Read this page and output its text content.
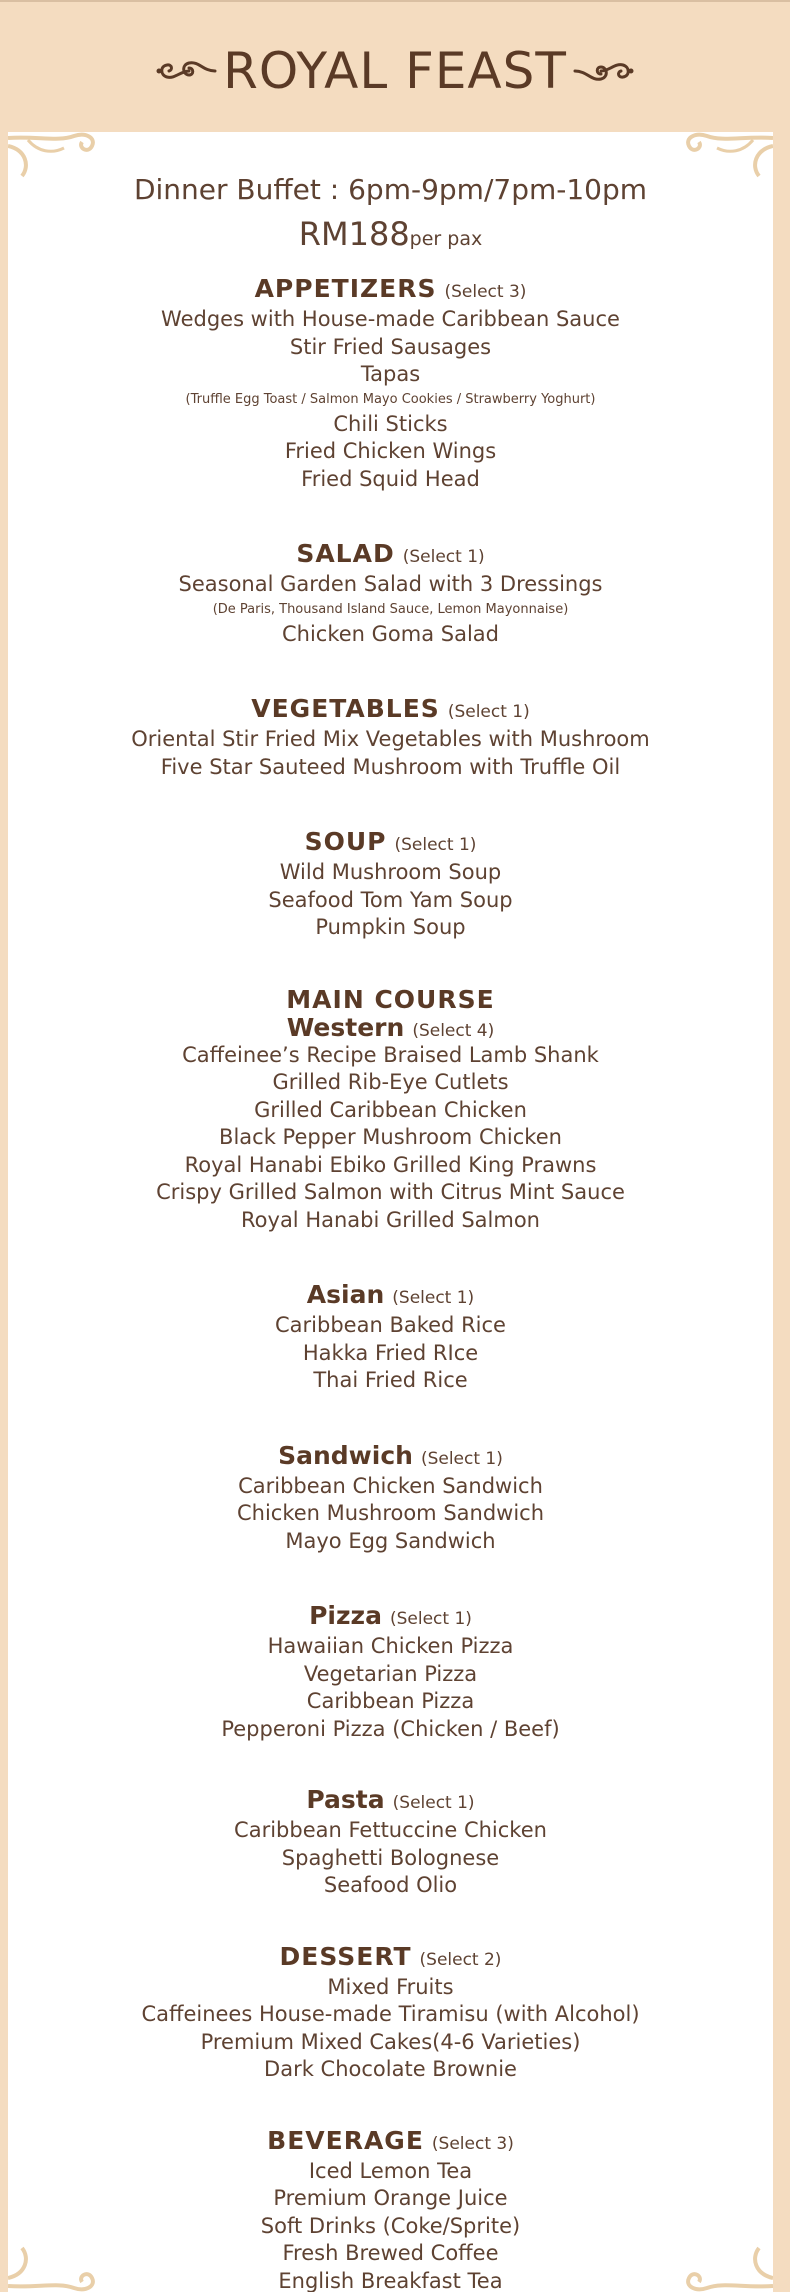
ROYAL FEAST
Dinner Buffet : 6pm-9pm/7pm-10pm
RM188per pax
APPETIZERS (Select 3)
Wedges with House-made Caribbean Sauce
Stir Fried Sausages
Tapas
(Truffle Egg Toast / Salmon Mayo Cookies / Strawberry Yoghurt)
Chili Sticks
Fried Chicken Wings
Fried Squid Head
SALAD (Select 1)
Seasonal Garden Salad with 3 Dressings
(De Paris, Thousand Island Sauce, Lemon Mayonnaise)
Chicken Goma Salad
VEGETABLES (Select 1)
Oriental Stir Fried Mix Vegetables with Mushroom
Five Star Sauteed Mushroom with Truffle Oil
SOUP (Select 1)
Wild Mushroom Soup
Seafood Tom Yam Soup
Pumpkin Soup
MAIN COURSE
Western (Select 4)
Caffeinee’s Recipe Braised Lamb Shank
Grilled Rib-Eye Cutlets
Grilled Caribbean Chicken
Black Pepper Mushroom Chicken
Royal Hanabi Ebiko Grilled King Prawns
Crispy Grilled Salmon with Citrus Mint Sauce
Royal Hanabi Grilled Salmon
Asian (Select 1)
Caribbean Baked Rice
Hakka Fried RIce
Thai Fried Rice
Sandwich (Select 1)
Caribbean Chicken Sandwich
Chicken Mushroom Sandwich
Mayo Egg Sandwich
Pizza (Select 1)
Hawaiian Chicken Pizza
Vegetarian Pizza
Caribbean Pizza
Pepperoni Pizza (Chicken / Beef)
Pasta (Select 1)
Caribbean Fettuccine Chicken
Spaghetti Bolognese
Seafood Olio
DESSERT (Select 2)
Mixed Fruits
Caffeinees House-made Tiramisu (with Alcohol)
Premium Mixed Cakes(4-6 Varieties)
Dark Chocolate Brownie
BEVERAGE (Select 3)
Iced Lemon Tea
Premium Orange Juice
Soft Drinks (Coke/Sprite)
Fresh Brewed Coffee
English Breakfast Tea
